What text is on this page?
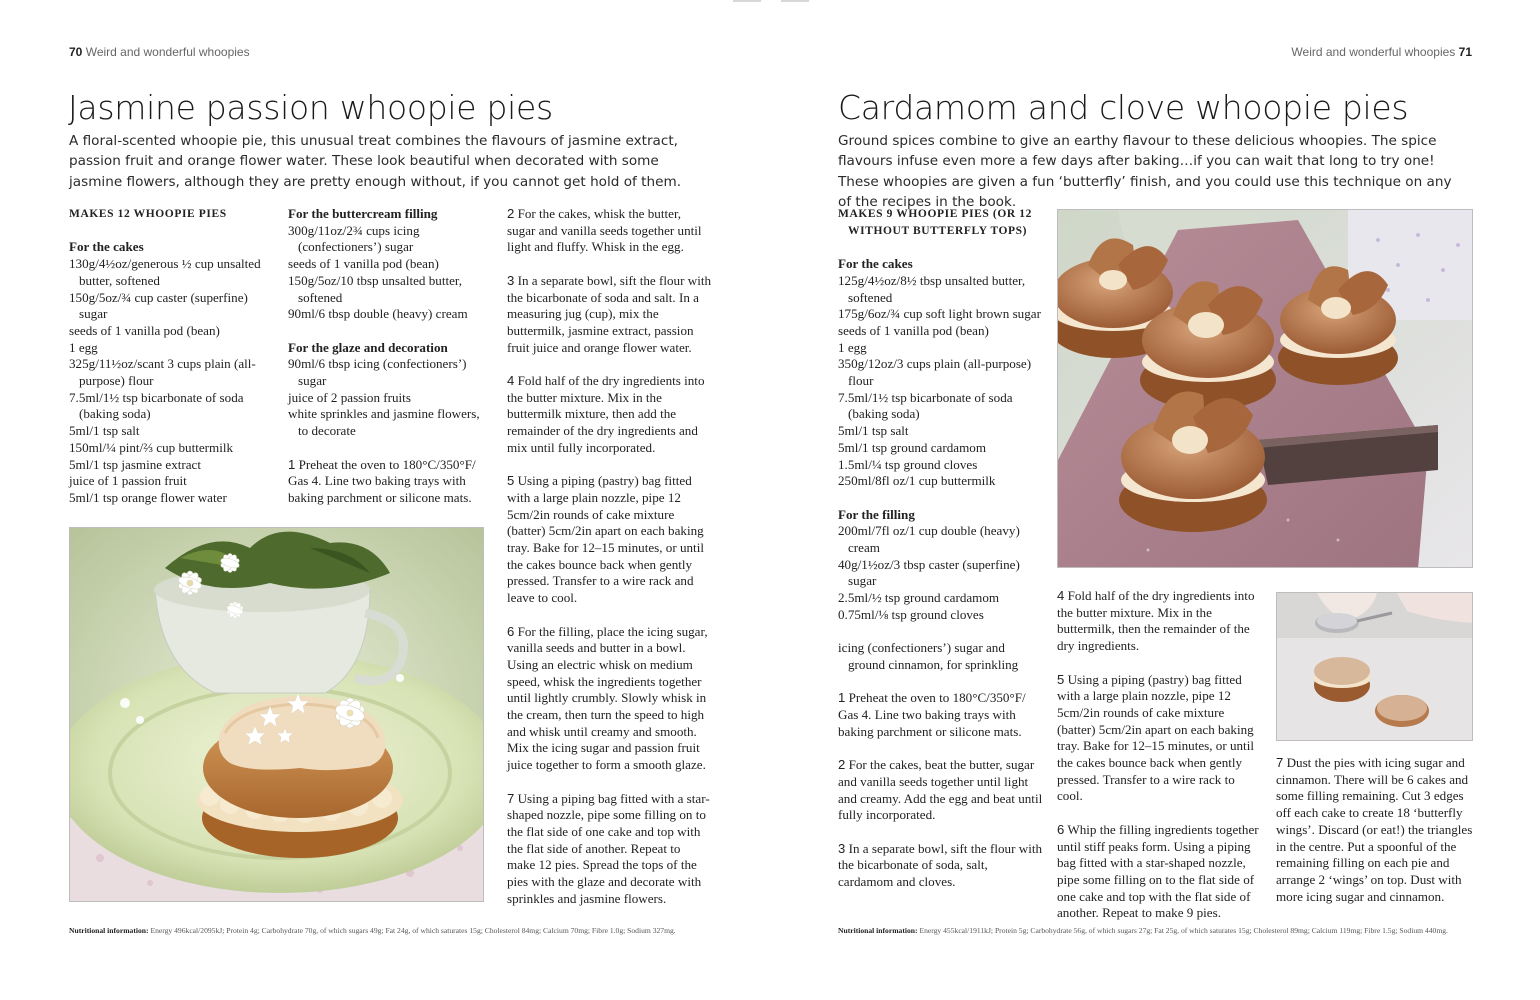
70 Weird and wonderful whoopies
Jasmine passion whoopie pies
A floral-scented whoopie pie, this unusual treat combines the flavours of jasmine extract, passion fruit and orange flower water. These look beautiful when decorated with some jasmine flowers, although they are pretty enough without, if you cannot get hold of them.
MAKES 12 WHOOPIE PIES
For the cakes
130g/4½oz/generous ½ cup unsalted butter, softened
150g/5oz/¾ cup caster (superfine) sugar
seeds of 1 vanilla pod (bean)
1 egg
325g/11½oz/scant 3 cups plain (all-purpose) flour
7.5ml/1½ tsp bicarbonate of soda (baking soda)
5ml/1 tsp salt
150ml/¼ pint/⅔ cup buttermilk
5ml/1 tsp jasmine extract
juice of 1 passion fruit
5ml/1 tsp orange flower water
For the buttercream filling
300g/11oz/2¾ cups icing (confectioners’) sugar
seeds of 1 vanilla pod (bean)
150g/5oz/10 tbsp unsalted butter, softened
90ml/6 tbsp double (heavy) cream
For the glaze and decoration
90ml/6 tbsp icing (confectioners’) sugar
juice of 2 passion fruits
white sprinkles and jasmine flowers, to decorate

1 Preheat the oven to 180°C/350°F/ Gas 4. Line two baking trays with baking parchment or silicone mats.

2 For the cakes, whisk the butter, sugar and vanilla seeds together until light and fluffy. Whisk in the egg.

3 In a separate bowl, sift the flour with the bicarbonate of soda and salt. In a measuring jug (cup), mix the buttermilk, jasmine extract, passion fruit juice and orange flower water.

4 Fold half of the dry ingredients into the butter mixture. Mix in the buttermilk mixture, then add the remainder of the dry ingredients and mix until fully incorporated.

5 Using a piping (pastry) bag fitted with a large plain nozzle, pipe 12 5cm/2in rounds of cake mixture (batter) 5cm/2in apart on each baking tray. Bake for 12–15 minutes, or until the cakes bounce back when gently pressed. Transfer to a wire rack and leave to cool.

6 For the filling, place the icing sugar, vanilla seeds and butter in a bowl. Using an electric whisk on medium speed, whisk the ingredients together until lightly crumbly. Slowly whisk in the cream, then turn the speed to high and whisk until creamy and smooth. Mix the icing sugar and passion fruit juice together to form a smooth glaze.

7 Using a piping bag fitted with a star-shaped nozzle, pipe some filling on to the flat side of one cake and top with the flat side of another. Repeat to make 12 pies. Spread the tops of the pies with the glaze and decorate with sprinkles and jasmine flowers.

Nutritional information: Energy 496kcal/2095kJ; Protein 4g; Carbohydrate 70g, of which sugars 49g; Fat 24g, of which saturates 15g; Cholesterol 84mg; Calcium 70mg; Fibre 1.0g; Sodium 327mg.
Weird and wonderful whoopies 71
Cardamom and clove whoopie pies
Ground spices combine to give an earthy flavour to these delicious whoopies. The spice flavours infuse even more a few days after baking…if you can wait that long to try one! These whoopies are given a fun ‘butterfly’ finish, and you could use this technique on any of the recipes in the book.
MAKES 9 WHOOPIE PIES (OR 12 WITHOUT BUTTERFLY TOPS)
For the cakes
125g/4½oz/8½ tbsp unsalted butter, softened
175g/6oz/¾ cup soft light brown sugar
seeds of 1 vanilla pod (bean)
1 egg
350g/12oz/3 cups plain (all-purpose) flour
7.5ml/1½ tsp bicarbonate of soda (baking soda)
5ml/1 tsp salt
5ml/1 tsp ground cardamom
1.5ml/¼ tsp ground cloves
250ml/8fl oz/1 cup buttermilk
For the filling
200ml/7fl oz/1 cup double (heavy) cream
40g/1½oz/3 tbsp caster (superfine) sugar
2.5ml/½ tsp ground cardamom
0.75ml/⅛ tsp ground cloves
icing (confectioners’) sugar and ground cinnamon, for sprinkling

1 Preheat the oven to 180°C/350°F/ Gas 4. Line two baking trays with baking parchment or silicone mats.

2 For the cakes, beat the butter, sugar and vanilla seeds together until light and creamy. Add the egg and beat until fully incorporated.

3 In a separate bowl, sift the flour with the bicarbonate of soda, salt, cardamom and cloves.

4 Fold half of the dry ingredients into the butter mixture. Mix in the buttermilk, then the remainder of the dry ingredients.

5 Using a piping (pastry) bag fitted with a large plain nozzle, pipe 12 5cm/2in rounds of cake mixture (batter) 5cm/2in apart on each baking tray. Bake for 12–15 minutes, or until the cakes bounce back when gently pressed. Transfer to a wire rack to cool.

6 Whip the filling ingredients together until stiff peaks form. Using a piping bag fitted with a star-shaped nozzle, pipe some filling on to the flat side of one cake and top with the flat side of another. Repeat to make 9 pies.

7 Dust the pies with icing sugar and cinnamon. There will be 6 cakes and some filling remaining. Cut 3 edges off each cake to create 18 ‘butterfly wings’. Discard (or eat!) the triangles in the centre. Put a spoonful of the remaining filling on each pie and arrange 2 ‘wings’ on top. Dust with more icing sugar and cinnamon.

Nutritional information: Energy 455kcal/1911kJ; Protein 5g; Carbohydrate 56g, of which sugars 27g; Fat 25g, of which saturates 15g; Cholesterol 89mg; Calcium 119mg; Fibre 1.5g; Sodium 440mg.
